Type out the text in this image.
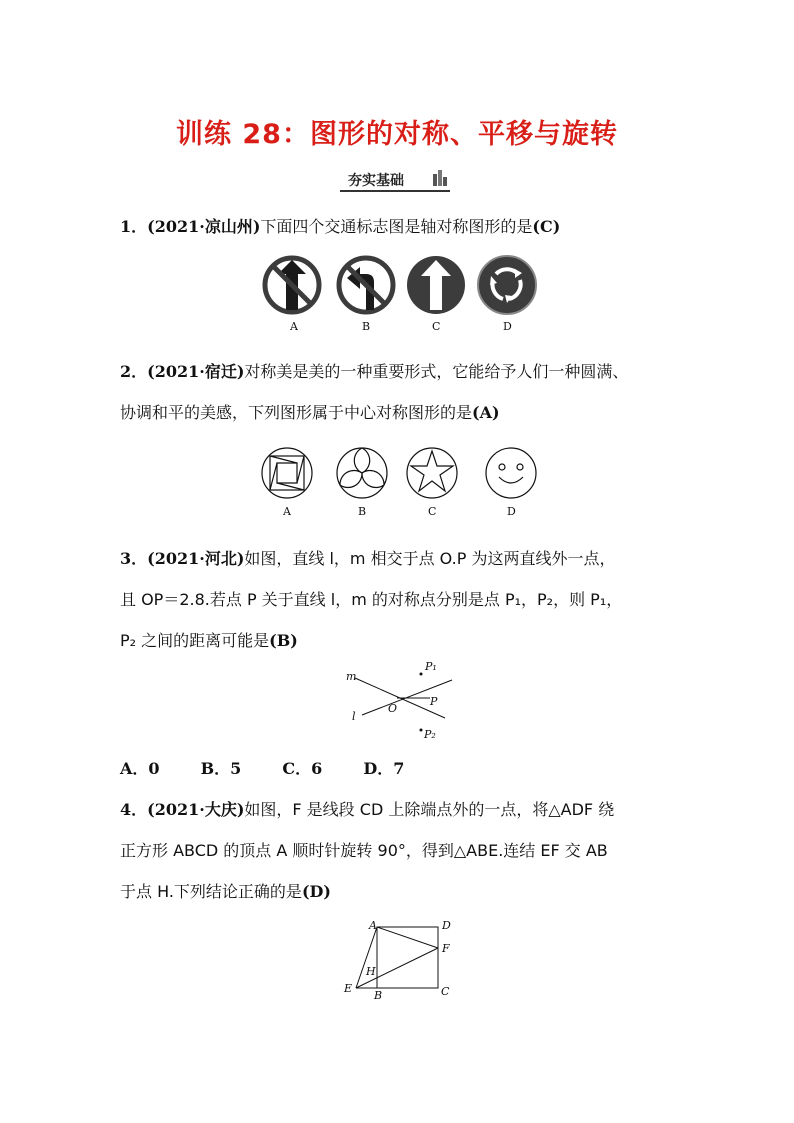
训练 28：图形的对称、平移与旋转
夯实基础
1．(2021·凉山州)下面四个交通标志图是轴对称图形的是(C)
A	B	C	D
2．(2021·宿迁)对称美是美的一种重要形式，它能给予人们一种圆满、
协调和平的美感，下列图形属于中心对称图形的是(A)
A	B	C	D
3．(2021·河北)如图，直线 l，m 相交于点 O.P 为这两直线外一点，
且 OP＝2.8.若点 P 关于直线 l，m 的对称点分别是点 P₁，P₂，则 P₁，
P₂ 之间的距离可能是(B)
m
l
O
P
P₁
P₂
A．0	B．5	C．6	D．7
4．(2021·大庆)如图，F 是线段 CD 上除端点外的一点，将△ADF 绕
正方形 ABCD 的顶点 A 顺时针旋转 90°，得到△ABE.连结 EF 交 AB
于点 H.下列结论正确的是(D)
A	D
F
H
E
B	C
